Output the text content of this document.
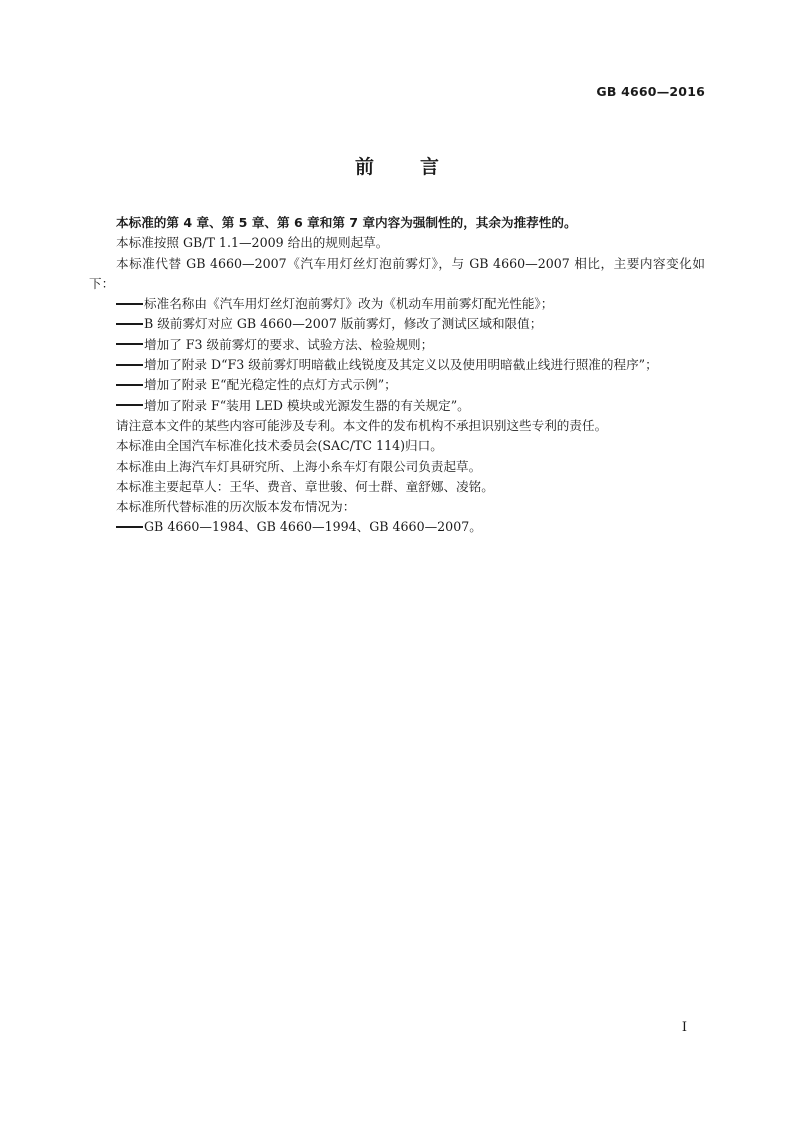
GB 4660—2016
前言

本标准的第 4 章、第 5 章、第 6 章和第 7 章内容为强制性的，其余为推荐性的。

本标准按照 GB/T 1.1—2009 给出的规则起草。

本标准代替 GB 4660—2007《汽车用灯丝灯泡前雾灯》，与 GB 4660—2007 相比，主要内容变化如下：

标准名称由《汽车用灯丝灯泡前雾灯》改为《机动车用前雾灯配光性能》；

B 级前雾灯对应 GB 4660—2007 版前雾灯，修改了测试区域和限值；

增加了 F3 级前雾灯的要求、试验方法、检验规则；

增加了附录 D“F3 级前雾灯明暗截止线锐度及其定义以及使用明暗截止线进行照准的程序”；

增加了附录 E“配光稳定性的点灯方式示例”；

增加了附录 F“装用 LED 模块或光源发生器的有关规定”。

请注意本文件的某些内容可能涉及专利。本文件的发布机构不承担识别这些专利的责任。

本标准由全国汽车标准化技术委员会(SAC/TC 114)归口。

本标准由上海汽车灯具研究所、上海小糸车灯有限公司负责起草。

本标准主要起草人：王华、费音、章世骏、何士群、童舒娜、凌铭。

本标准所代替标准的历次版本发布情况为：

GB 4660—1984、GB 4660—1994、GB 4660—2007。

I
